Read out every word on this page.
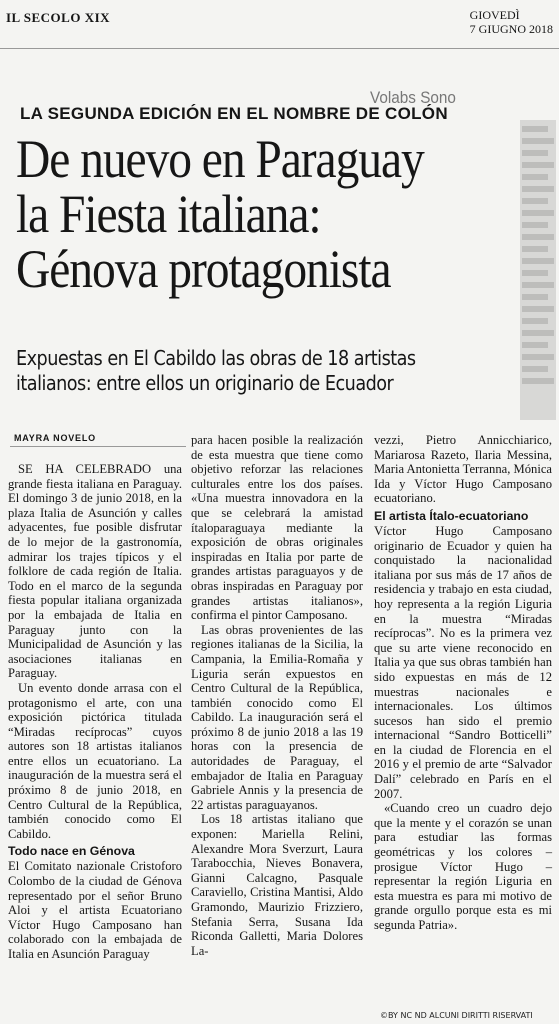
IL SECOLO XIX	GIOVEDÌ
7 GIUGNO 2018
Volabs Sono
LA SEGUNDA EDICIÓN EN EL NOMBRE DE COLÓN
De nuevo en Paraguay
la Fiesta italiana:
Génova protagonista
Expuestas en El Cabildo las obras de 18 artistas
italianos: entre ellos un originario de Ecuador
MAYRA NOVELO

SE HA CELEBRADO una grande fiesta italiana en Paraguay. El domingo 3 de junio 2018, en la plaza Italia de Asunción y calles adyacentes, fue posible disfrutar de lo mejor de la gastronomía, admirar los trajes típicos y el folklore de cada región de Italia. Todo en el marco de la segunda fiesta popular italiana organizada por la embajada de Italia en Paraguay junto con la Municipalidad de Asunción y las asociaciones italianas en Paraguay.

Un evento donde arrasa con el protagonismo el arte, con una exposición pictórica titulada “Miradas recíprocas” cuyos autores son 18 artistas italianos entre ellos un ecuatoriano. La inauguración de la muestra será el próximo 8 de junio 2018, en Centro Cultural de la República, también conocido como El Cabildo.

Todo nace en Génova

El Comitato nazionale Cristoforo Colombo de la ciudad de Génova representado por el señor Bruno Aloi y el artista Ecuatoriano Víctor Hugo Camposano han colaborado con la embajada de Italia en Asunción Paraguay

para hacen posible la realización de esta muestra que tiene como objetivo reforzar las relaciones culturales entre los dos países. «Una muestra innovadora en la que se celebrará la amistad ítaloparaguaya mediante la exposición de obras originales inspiradas en Italia por parte de grandes artistas paraguayos y de obras inspiradas en Paraguay por grandes artistas italianos», confirma el pintor Camposano.

Las obras provenientes de las regiones italianas de la Sicilia, la Campania, la Emilia-Romaña y Liguria serán expuestos en Centro Cultural de la República, también conocido como El Cabildo. La inauguración será el próximo 8 de junio 2018 a las 19 horas con la presencia de autoridades de Paraguay, el embajador de Italia en Paraguay Gabriele Annis y la presencia de 22 artistas paraguayanos.

Los 18 artistas italiano que exponen: Mariella Relini, Alexandre Mora Sverzurt, Laura Tarabocchia, Nieves Bonavera, Gianni Calcagno, Pasquale Caraviello, Cristina Mantisi, Aldo Gramondo, Maurizio Frizziero, Stefania Serra, Susana Ida Riconda Galletti, Maria Dolores La-

vezzi, Pietro Annicchiarico, Mariarosa Razeto, Ilaria Messina, Maria Antonietta Terranna, Mónica Ida y Víctor Hugo Camposano ecuatoriano.

El artista Ítalo-ecuatoriano

Víctor Hugo Camposano originario de Ecuador y quien ha conquistado la nacionalidad italiana por sus más de 17 años de residencia y trabajo en esta ciudad, hoy representa a la región Liguria en la muestra “Miradas recíprocas”. No es la primera vez que su arte viene reconocido en Italia ya que sus obras también han sido expuestas en más de 12 muestras nacionales e internacionales. Los últimos sucesos han sido el premio internacional “Sandro Botticelli” en la ciudad de Florencia en el 2016 y el premio de arte “Salvador Dalí” celebrado en París en el 2007.

«Cuando creo un cuadro dejo que la mente y el corazón se unan para estudiar las formas geométricas y los colores –prosigue Víctor Hugo – representar la región Liguria en esta muestra es para mi motivo de grande orgullo porque esta es mi segunda Patria».

©BY NC ND ALCUNI DIRITTI RISERVATI
